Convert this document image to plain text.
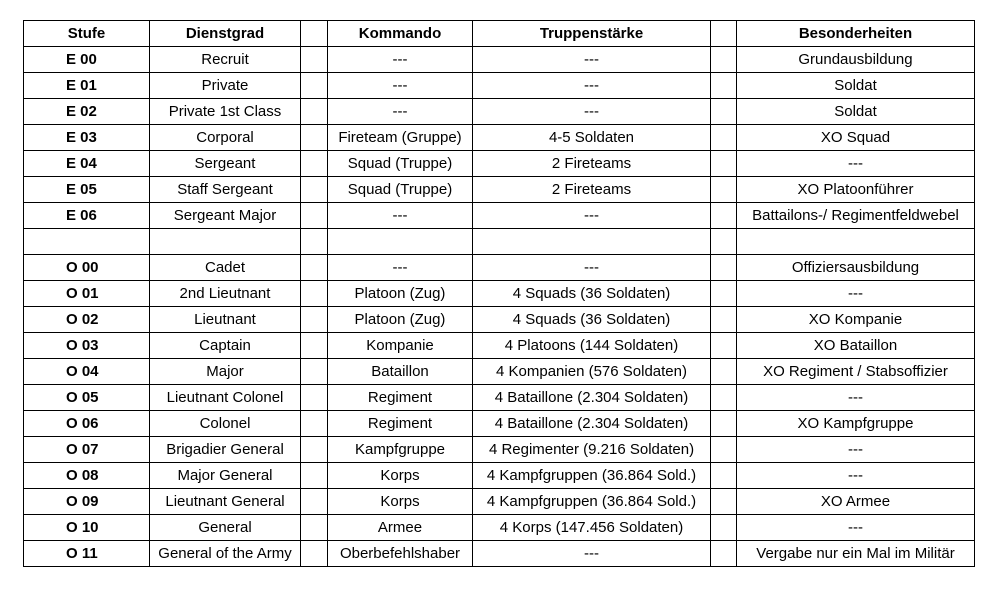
Stufe	Dienstgrad		Kommando	Truppenstärke		Besonderheiten
E 00	Recruit		---	---		Grundausbildung
E 01	Private		---	---		Soldat
E 02	Private 1st Class		---	---		Soldat
E 03	Corporal		Fireteam (Gruppe)	4-5 Soldaten		XO Squad
E 04	Sergeant		Squad (Truppe)	2 Fireteams		---
E 05	Staff Sergeant		Squad (Truppe)	2 Fireteams		XO Platoonführer
E 06	Sergeant Major		---	---		Battailons-/ Regimentfeldwebel

O 00	Cadet		---	---		Offiziersausbildung
O 01	2nd Lieutnant		Platoon (Zug)	4 Squads (36 Soldaten)		---
O 02	Lieutnant		Platoon (Zug)	4 Squads (36 Soldaten)		XO Kompanie
O 03	Captain		Kompanie	4 Platoons (144 Soldaten)		XO Bataillon
O 04	Major		Bataillon	4 Kompanien (576 Soldaten)		XO Regiment / Stabsoffizier
O 05	Lieutnant Colonel		Regiment	4 Bataillone (2.304 Soldaten)		---
O 06	Colonel		Regiment	4 Bataillone (2.304 Soldaten)		XO Kampfgruppe
O 07	Brigadier General		Kampfgruppe	4 Regimenter (9.216 Soldaten)		---
O 08	Major General		Korps	4 Kampfgruppen (36.864 Sold.)		---
O 09	Lieutnant General		Korps	4 Kampfgruppen (36.864 Sold.)		XO Armee
O 10	General		Armee	4 Korps (147.456 Soldaten)		---
O 11	General of the Army		Oberbefehlshaber	---		Vergabe nur ein Mal im Militär
